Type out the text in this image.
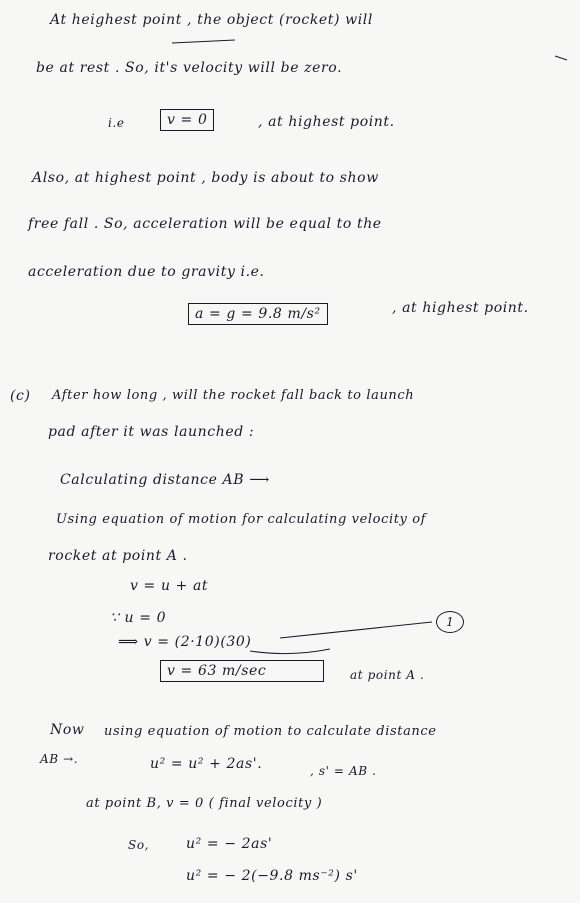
At heighest point , the object (rocket) will
be at rest . So, it's velocity will be zero.
i.e	v = 0	, at highest point.
Also, at highest point , body is about to show
free fall . So, acceleration will be equal to the
acceleration due to gravity i.e.
a = g = 9.8 m/s²	, at highest point.
(c) After how long , will the rocket fall back to launch
pad after it was launched :
Calculating distance AB ⟶
Using equation of motion for calculating velocity of
rocket at point A .
v = u + at
∵ u = 0
⟹ v = (2·10)(30)
1
v = 63 m/sec	at point A .
Now using equation of motion to calculate distance
AB →.	u² = u² + 2as'.	, s' = AB .
at point B, v = 0 ( final velocity )
So,	u² = − 2as'
u² = − 2(−9.8 ms⁻²) s'
